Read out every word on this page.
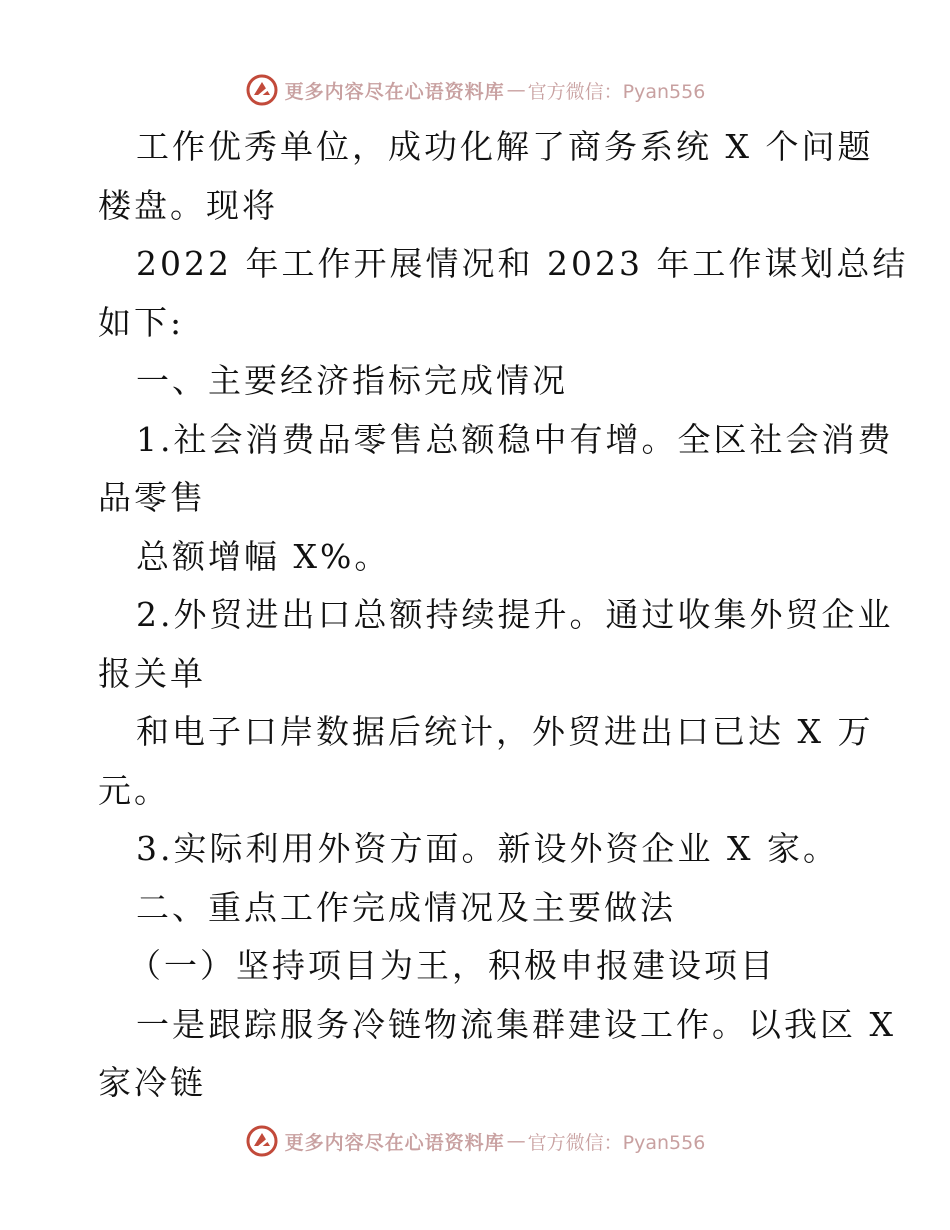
更多内容尽在心语资料库 — 官方微信：Pyan556
工作优秀单位，成功化解了商务系统 X 个问题
楼盘。现将
2022 年工作开展情况和 2023 年工作谋划总结
如下:
一、主要经济指标完成情况
1.社会消费品零售总额稳中有增。全区社会消费
品零售
总额增幅 X%。
2.外贸进出口总额持续提升。通过收集外贸企业
报关单
和电子口岸数据后统计，外贸进出口已达 X 万
元。
3.实际利用外资方面。新设外资企业 X 家。
二、重点工作完成情况及主要做法
（一）坚持项目为王，积极申报建设项目
一是跟踪服务冷链物流集群建设工作。以我区 X
家冷链
更多内容尽在心语资料库 — 官方微信：Pyan556
